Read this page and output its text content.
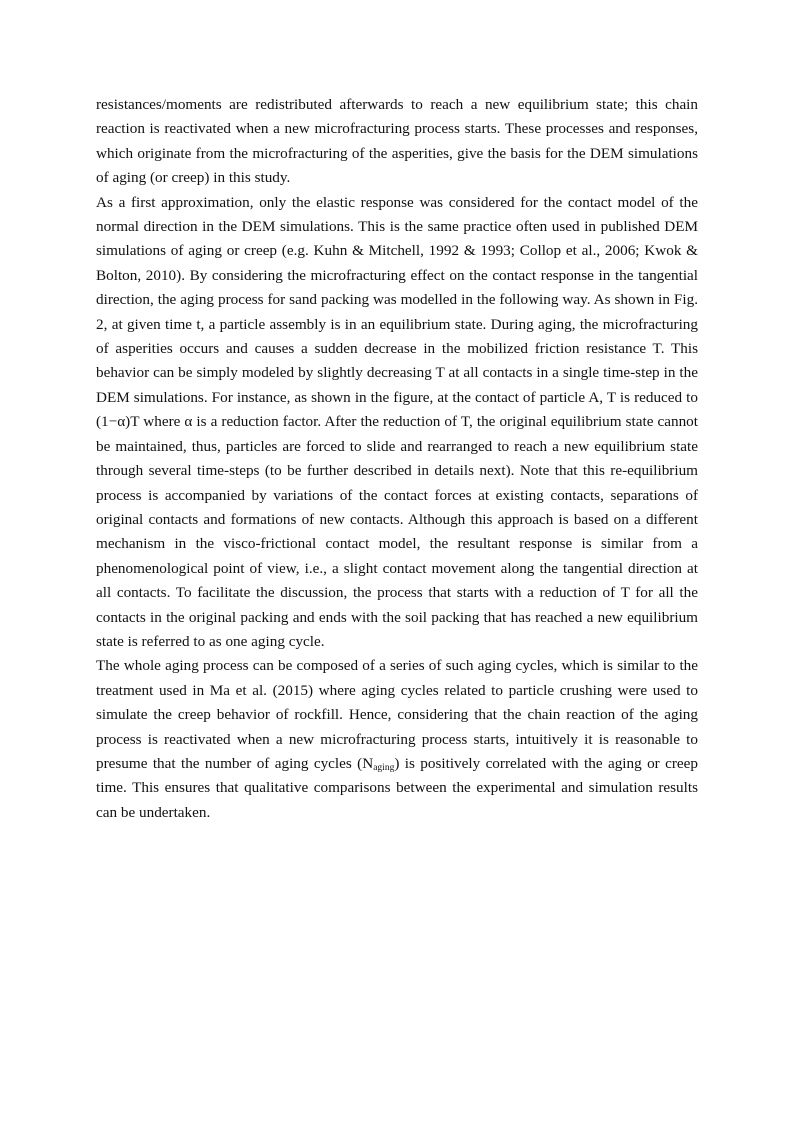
resistances/moments are redistributed afterwards to reach a new equilibrium state; this chain reaction is reactivated when a new microfracturing process starts. These processes and responses, which originate from the microfracturing of the asperities, give the basis for the DEM simulations of aging (or creep) in this study.

As a first approximation, only the elastic response was considered for the contact model of the normal direction in the DEM simulations. This is the same practice often used in published DEM simulations of aging or creep (e.g. Kuhn & Mitchell, 1992 & 1993; Collop et al., 2006; Kwok & Bolton, 2010). By considering the microfracturing effect on the contact response in the tangential direction, the aging process for sand packing was modelled in the following way. As shown in Fig. 2, at given time t, a particle assembly is in an equilibrium state. During aging, the microfracturing of asperities occurs and causes a sudden decrease in the mobilized friction resistance T. This behavior can be simply modeled by slightly decreasing T at all contacts in a single time-step in the DEM simulations. For instance, as shown in the figure, at the contact of particle A, T is reduced to (1−α)T where α is a reduction factor. After the reduction of T, the original equilibrium state cannot be maintained, thus, particles are forced to slide and rearranged to reach a new equilibrium state through several time-steps (to be further described in details next). Note that this re-equilibrium process is accompanied by variations of the contact forces at existing contacts, separations of original contacts and formations of new contacts. Although this approach is based on a different mechanism in the visco-frictional contact model, the resultant response is similar from a phenomenological point of view, i.e., a slight contact movement along the tangential direction at all contacts. To facilitate the discussion, the process that starts with a reduction of T for all the contacts in the original packing and ends with the soil packing that has reached a new equilibrium state is referred to as one aging cycle.

The whole aging process can be composed of a series of such aging cycles, which is similar to the treatment used in Ma et al. (2015) where aging cycles related to particle crushing were used to simulate the creep behavior of rockfill. Hence, considering that the chain reaction of the aging process is reactivated when a new microfracturing process starts, intuitively it is reasonable to presume that the number of aging cycles $(N_{aging})$ is positively correlated with the aging or creep time. This ensures that qualitative comparisons between the experimental and simulation results can be undertaken.
